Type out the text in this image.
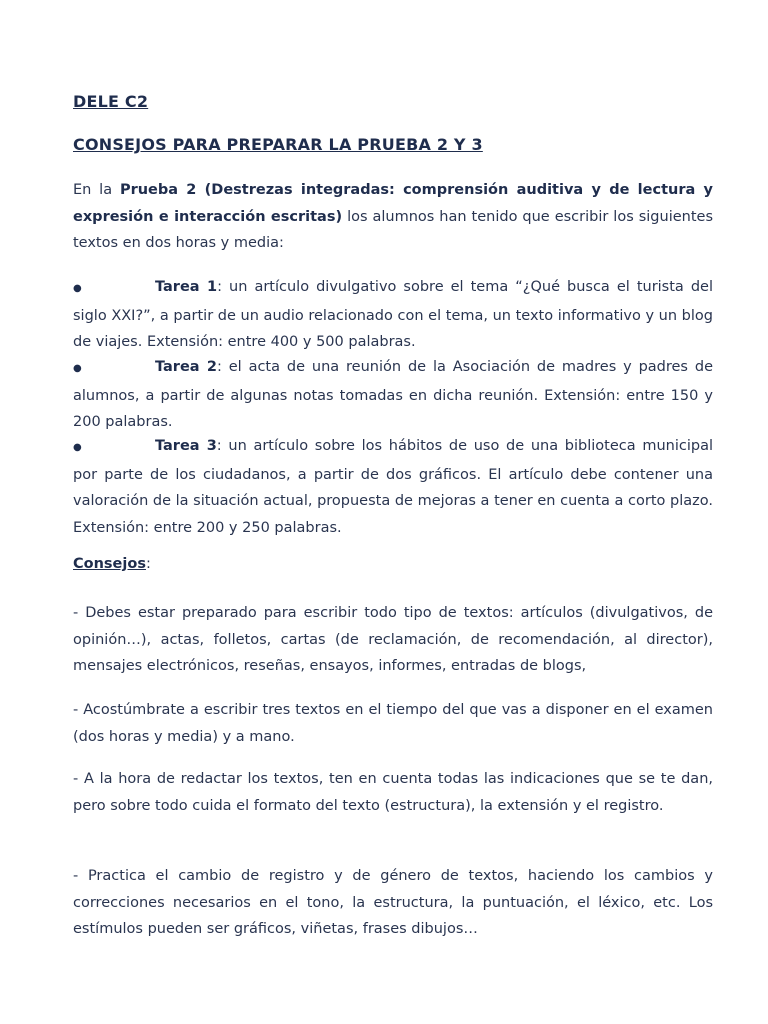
DELE C2
CONSEJOS PARA PREPARAR LA PRUEBA 2 Y 3

En la Prueba 2 (Destrezas integradas: comprensión auditiva y de lectura y expresión e interacción escritas) los alumnos han tenido que escribir los siguientes textos en dos horas y media:

●	Tarea 1: un artículo divulgativo sobre el tema “¿Qué busca el turista del siglo XXI?”, a partir de un audio relacionado con el tema, un texto informativo y un blog de viajes. Extensión: entre 400 y 500 palabras.

●	Tarea 2: el acta de una reunión de la Asociación de madres y padres de alumnos, a partir de algunas notas tomadas en dicha reunión. Extensión: entre 150 y 200 palabras.

●	Tarea 3: un artículo sobre los hábitos de uso de una biblioteca municipal por parte de los ciudadanos, a partir de dos gráficos. El artículo debe contener una valoración de la situación actual, propuesta de mejoras a tener en cuenta a corto plazo. Extensión: entre 200 y 250 palabras.

Consejos:

- Debes estar preparado para escribir todo tipo de textos: artículos (divulgativos, de opinión…), actas, folletos, cartas (de reclamación, de recomendación, al director), mensajes electrónicos, reseñas, ensayos, informes, entradas de blogs,

- Acostúmbrate a escribir tres textos en el tiempo del que vas a disponer en el examen (dos horas y media) y a mano.

- A la hora de redactar los textos, ten en cuenta todas las indicaciones que se te dan, pero sobre todo cuida el formato del texto (estructura), la extensión y el registro.

- Practica el cambio de registro y de género de textos, haciendo los cambios y correcciones necesarios en el tono, la estructura, la puntuación, el léxico, etc. Los estímulos pueden ser gráficos, viñetas, frases dibujos…
